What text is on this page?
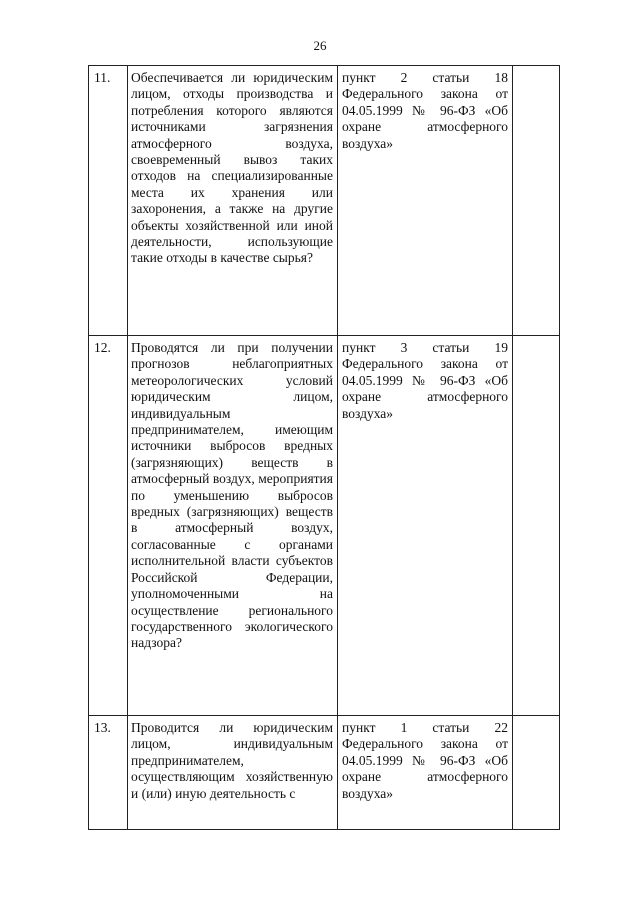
26
11.	Обеспечивается ли юридическим лицом, отходы производства и потребления которого являются источниками загрязнения атмосферного воздуха, своевременный вывоз таких отходов на специализированные места их хранения или захоронения, а также на другие объекты хозяйственной или иной деятельности, использующие такие отходы в качестве сырья?	пункт 2 статьи 18 Федерального закона от 04.05.1999 № 96-ФЗ «Об охране атмосферного воздуха»	
12.	Проводятся ли при получении прогнозов неблагоприятных метеорологических условий юридическим лицом, индивидуальным предпринимателем, имеющим источники выбросов вредных (загрязняющих) веществ в атмосферный воздух, мероприятия по уменьшению выбросов вредных (загрязняющих) веществ в атмосферный воздух, согласованные с органами исполнительной власти субъектов Российской Федерации, уполномоченными на осуществление регионального государственного экологического надзора?	пункт 3 статьи 19 Федерального закона от 04.05.1999 № 96-ФЗ «Об охране атмосферного воздуха»	
13.	Проводится ли юридическим лицом, индивидуальным предпринимателем, осуществляющим хозяйственную и (или) иную деятельность с	пункт 1 статьи 22 Федерального закона от 04.05.1999 № 96-ФЗ «Об охране атмосферного воздуха»	
